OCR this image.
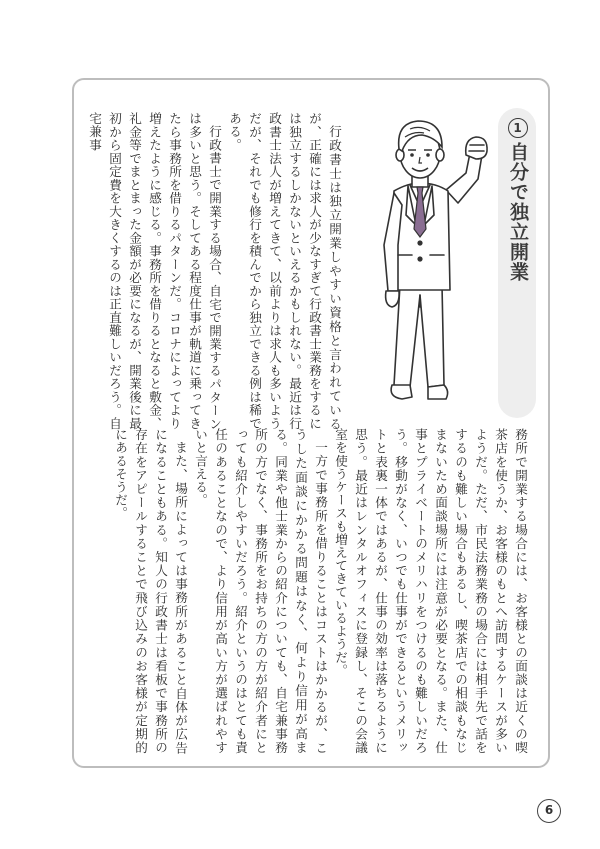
1自分で独立開業

行政書士は独立開業しやすい資格と言われているが、正確には求人が少なすぎて行政書士業務をするには独立するしかないといえるかもしれない。最近は行政書士法人が増えてきて、以前よりは求人も多いようだが、それでも修行を積んでから独立できる例は稀である。

行政書士で開業する場合、自宅で開業するパターンは多いと思う。そしてある程度仕事が軌道に乗ってきたら事務所を借りるパターンだ。コロナによってより増えたように感じる。事務所を借りるとなると敷金、礼金等でまとまった金額が必要になるが、開業後に最初から固定費を大きくするのは正直難しいだろう。自宅兼事

務所で開業する場合には、お客様との面談は近くの喫茶店を使うか、お客様のもとへ訪問するケースが多いようだ。ただ、市民法務業務の場合には相手先で話をするのも難しい場合もあるし、喫茶店での相談もなじまないため面談場所には注意が必要となる。また、仕事とプライベートのメリハリをつけるのも難しいだろう。移動がなく、いつでも仕事ができるというメリットと表裏一体ではあるが、仕事の効率は落ちるように思う。最近はレンタルオフィスに登録し、そこの会議室を使うケースも増えてきているようだ。

一方で事務所を借りることはコストはかかるが、こうした面談にかかる問題はなく、何より信用が高まる。同業や他士業からの紹介についても、自宅兼事務所の方でなく、事務所をお持ちの方の方が紹介者にとっても紹介しやすいだろう。紹介というのはとても責任のあることなので、より信用が高い方が選ばれやすいと言える。

また、場所によっては事務所があること自体が広告になることもある。知人の行政書士は看板で事務所の存在をアピールすることで飛び込みのお客様が定期的にあるそうだ。

6
